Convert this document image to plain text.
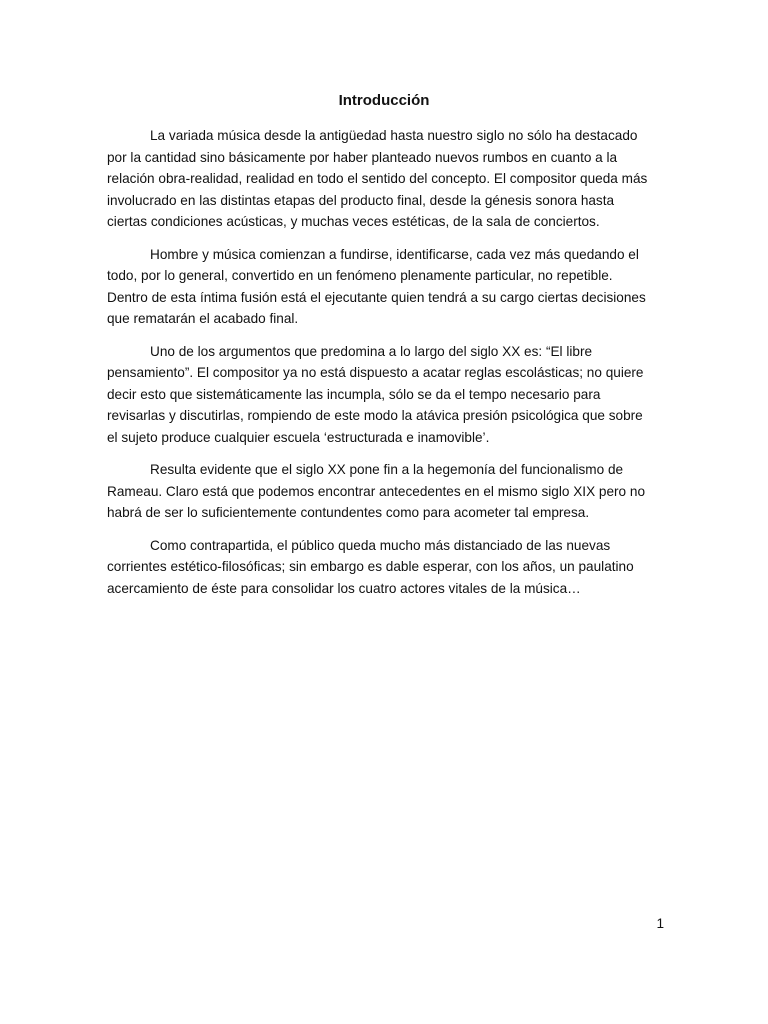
Introducción

La variada música desde la antigüedad hasta nuestro siglo no sólo ha destacado
por la cantidad sino básicamente por haber planteado nuevos rumbos en cuanto a la
relación obra-realidad, realidad en todo el sentido del concepto. El compositor queda más
involucrado en las distintas etapas del producto final, desde la génesis sonora hasta
ciertas condiciones acústicas, y muchas veces estéticas, de la sala de conciertos.

Hombre y música comienzan a fundirse, identificarse, cada vez más quedando el
todo, por lo general, convertido en un fenómeno plenamente particular, no repetible.
Dentro de esta íntima fusión está el ejecutante quien tendrá a su cargo ciertas decisiones
que rematarán el acabado final.

Uno de los argumentos que predomina a lo largo del siglo XX es: “El libre
pensamiento”. El compositor ya no está dispuesto a acatar reglas escolásticas; no quiere
decir esto que sistemáticamente las incumpla, sólo se da el tempo necesario para
revisarlas y discutirlas, rompiendo de este modo la atávica presión psicológica que sobre
el sujeto produce cualquier escuela ‘estructurada e inamovible’.

Resulta evidente que el siglo XX pone fin a la hegemonía del funcionalismo de
Rameau. Claro está que podemos encontrar antecedentes en el mismo siglo XIX pero no
habrá de ser lo suficientemente contundentes como para acometer tal empresa.

Como contrapartida, el público queda mucho más distanciado de las nuevas
corrientes estético-filosóficas; sin embargo es dable esperar, con los años, un paulatino
acercamiento de éste para consolidar los cuatro actores vitales de la música…

1
